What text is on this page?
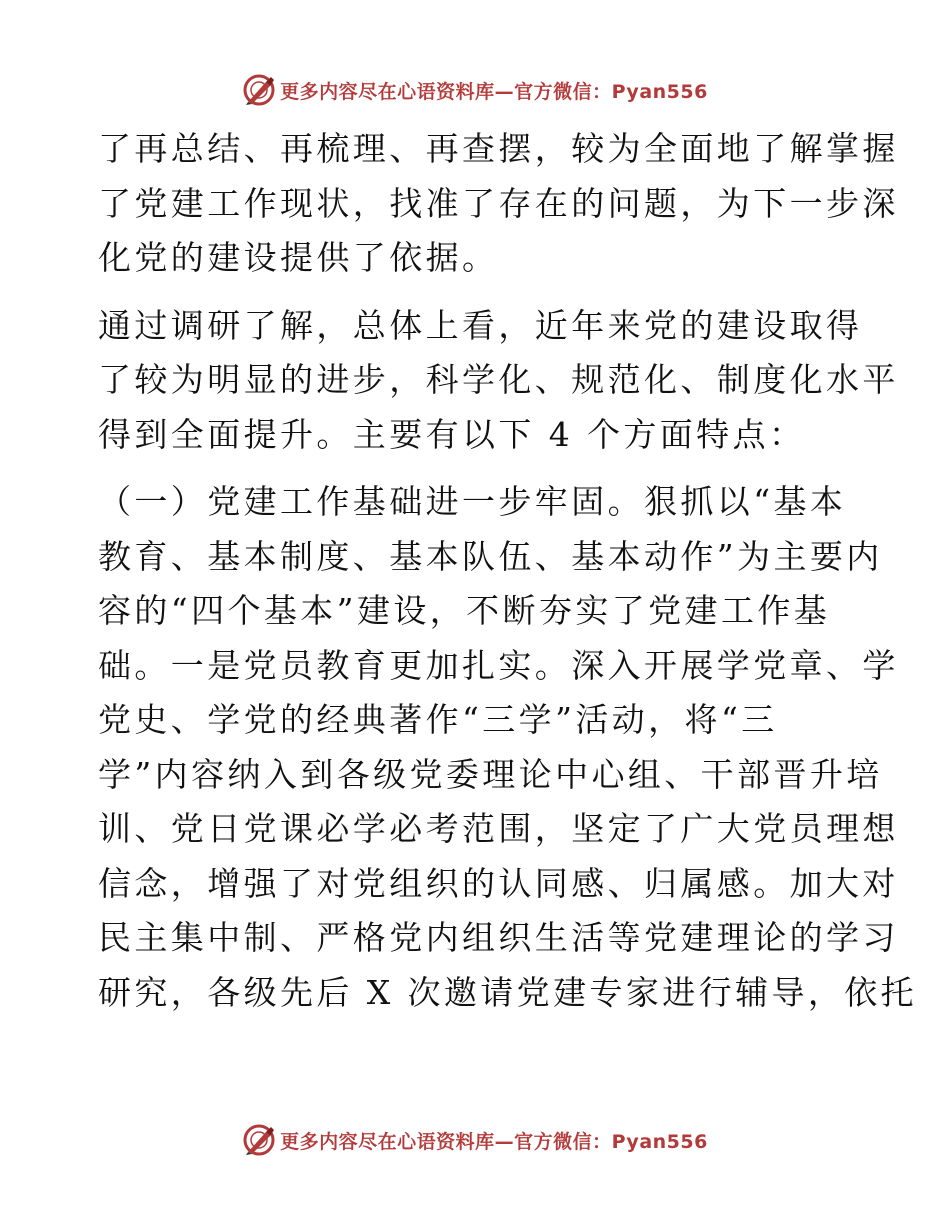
更多内容尽在心语资料库—官方微信：Pyan556

了再总结、再梳理、再查摆，较为全面地了解掌握
了党建工作现状，找准了存在的问题，为下一步深
化党的建设提供了依据。

通过调研了解，总体上看，近年来党的建设取得
了较为明显的进步，科学化、规范化、制度化水平
得到全面提升。主要有以下 4 个方面特点：

（一）党建工作基础进一步牢固。狠抓以“基本
教育、基本制度、基本队伍、基本动作”为主要内
容的“四个基本”建设，不断夯实了党建工作基
础。一是党员教育更加扎实。深入开展学党章、学
党史、学党的经典著作“三学”活动，将“三
学”内容纳入到各级党委理论中心组、干部晋升培
训、党日党课必学必考范围，坚定了广大党员理想
信念，增强了对党组织的认同感、归属感。加大对
民主集中制、严格党内组织生活等党建理论的学习
研究，各级先后 X 次邀请党建专家进行辅导，依托

更多内容尽在心语资料库—官方微信：Pyan556
